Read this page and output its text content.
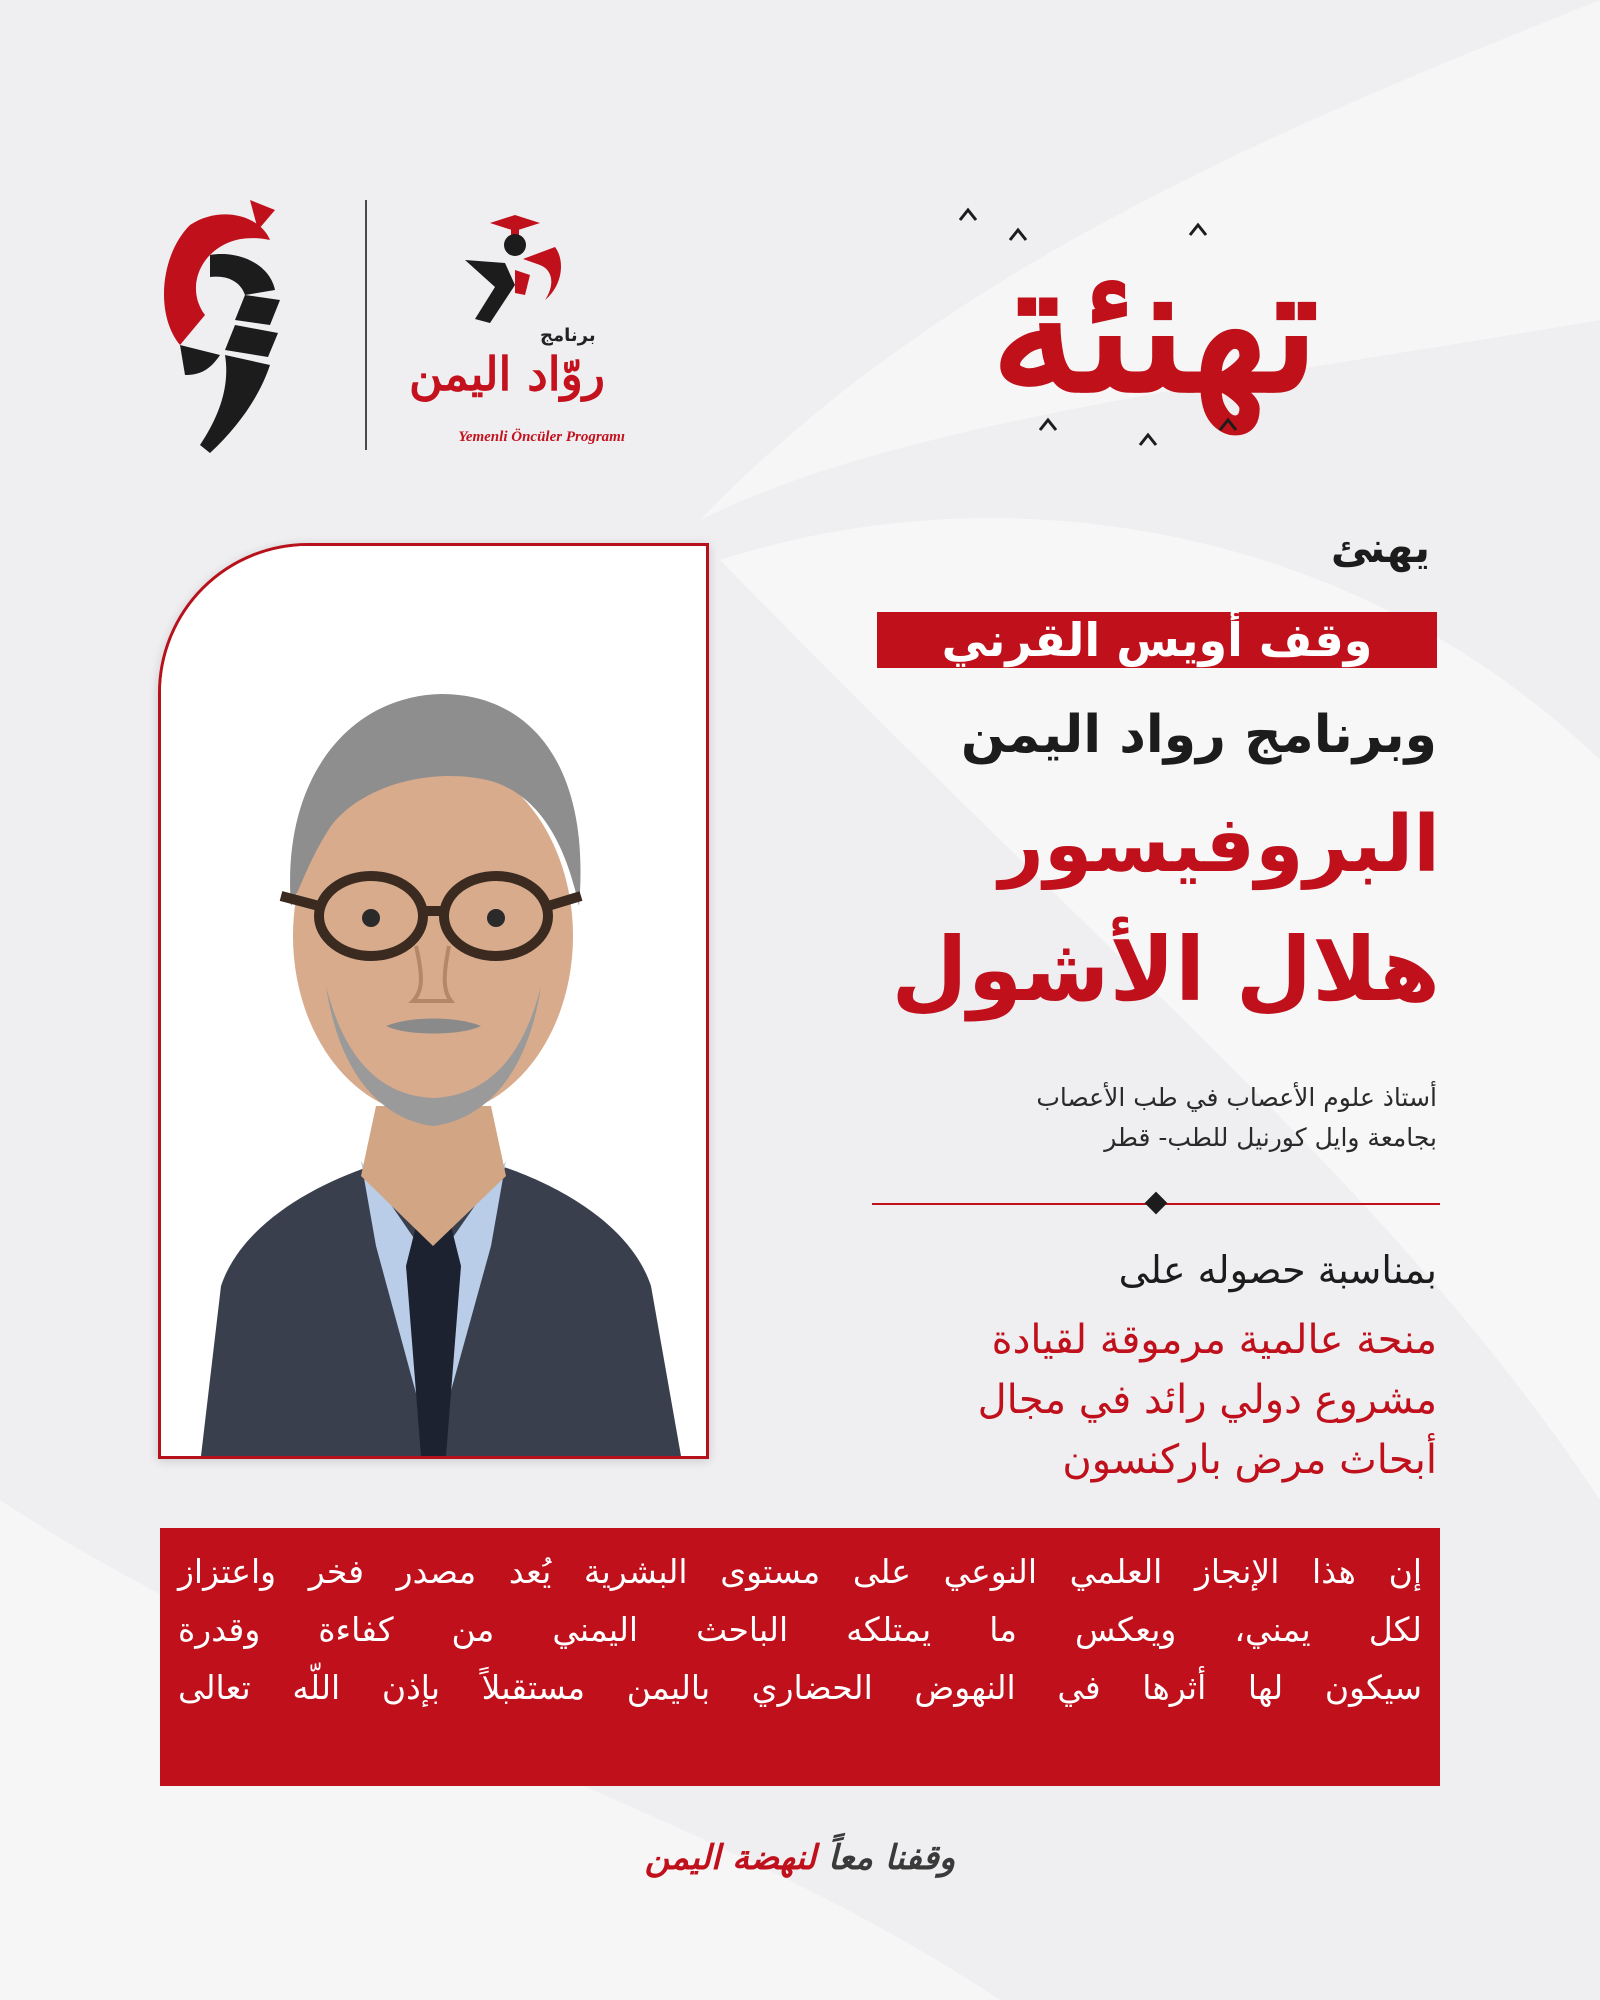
برنامج
روّاد اليمن
Yemenli Öncüler Programı
تهنئة
يهنئ
وقف أويس القرني
وبرنامج رواد اليمن
البروفيسور
هلال الأشول
أستاذ علوم الأعصاب في طب الأعصاب
بجامعة وايل كورنيل للطب- قطر
بمناسبة حصوله على
منحة عالمية مرموقة لقيادة
مشروع دولي رائد في مجال
أبحاث مرض باركنسون
إن هذا الإنجاز العلمي النوعي على مستوى البشرية يُعد مصدر فخر واعتزاز
لكل يمني، ويعكس ما يمتلكه الباحث اليمني من كفاءة وقدرة
سيكون لها أثرها في النهوض الحضاري باليمن مستقبلاً بإذن اللّه تعالى
وقفنا معاً لنهضة اليمن
